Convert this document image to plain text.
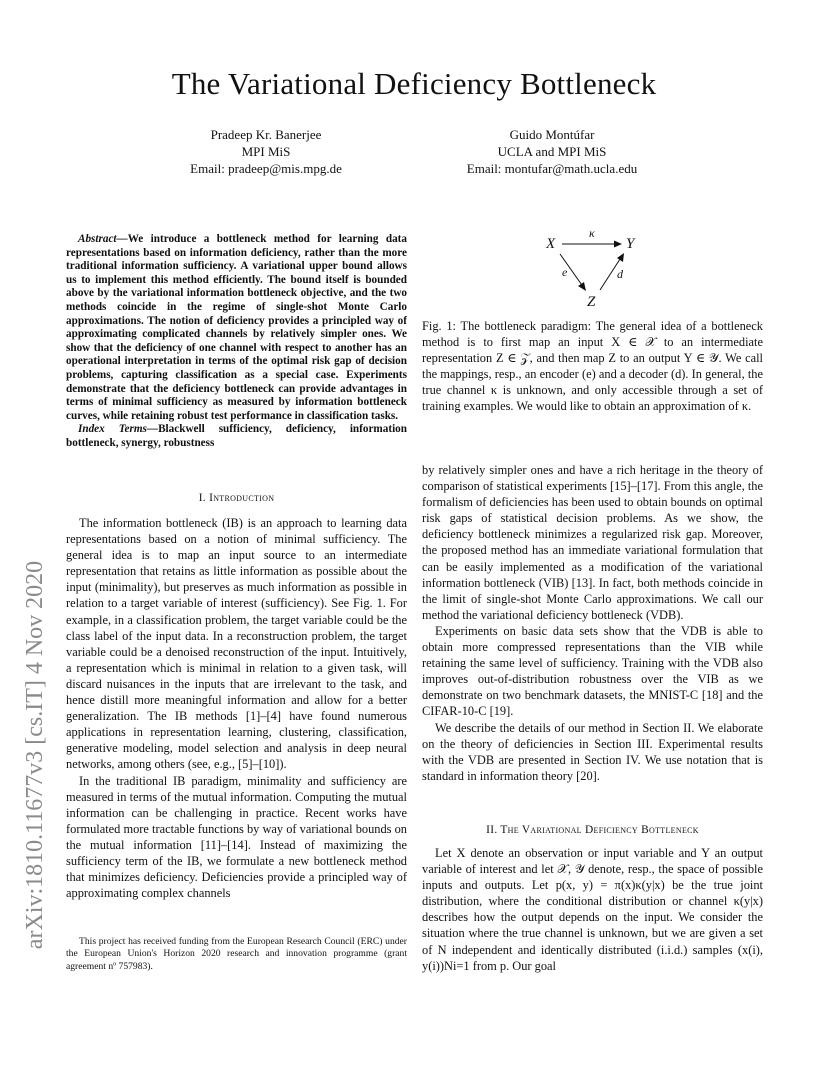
The Variational Deficiency Bottleneck
Pradeep Kr. Banerjee
MPI MiS
Email: pradeep@mis.mpg.de
Guido Montúfar
UCLA and MPI MiS
Email: montufar@math.ucla.edu
arXiv:1810.11677v3 [cs.IT] 4 Nov 2020

Abstract—We introduce a bottleneck method for learning data representations based on information deficiency, rather than the more traditional information sufficiency. A variational upper bound allows us to implement this method efficiently. The bound itself is bounded above by the variational information bottleneck objective, and the two methods coincide in the regime of single-shot Monte Carlo approximations. The notion of deficiency provides a principled way of approximating complicated channels by relatively simpler ones. We show that the deficiency of one channel with respect to another has an operational interpretation in terms of the optimal risk gap of decision problems, capturing classification as a special case. Experiments demonstrate that the deficiency bottleneck can provide advantages in terms of minimal sufficiency as measured by information bottleneck curves, while retaining robust test performance in classification tasks.

Index Terms—Blackwell sufficiency, deficiency, information bottleneck, synergy, robustness

I. Introduction

The information bottleneck (IB) is an approach to learning data representations based on a notion of minimal sufficiency. The general idea is to map an input source to an intermediate representation that retains as little information as possible about the input (minimality), but preserves as much information as possible in relation to a target variable of interest (sufficiency). See Fig. 1. For example, in a classification problem, the target variable could be the class label of the input data. In a reconstruction problem, the target variable could be a denoised reconstruction of the input. Intuitively, a representation which is minimal in relation to a given task, will discard nuisances in the inputs that are irrelevant to the task, and hence distill more meaningful information and allow for a better generalization. The IB methods [1]–[4] have found numerous applications in representation learning, clustering, classification, generative modeling, model selection and analysis in deep neural networks, among others (see, e.g., [5]–[10]).

In the traditional IB paradigm, minimality and sufficiency are measured in terms of the mutual information. Computing the mutual information can be challenging in practice. Recent works have formulated more tractable functions by way of variational bounds on the mutual information [11]–[14]. Instead of maximizing the sufficiency term of the IB, we formulate a new bottleneck method that minimizes deficiency. Deficiencies provide a principled way of approximating complex channels

This project has received funding from the European Research Council (ERC) under the European Union's Horizon 2020 research and innovation programme (grant agreement nº 757983).

X	Y
Z
κ
e	d

Fig. 1: The bottleneck paradigm: The general idea of a bottleneck method is to first map an input X ∈ 𝒳 to an intermediate representation Z ∈ 𝒵, and then map Z to an output Y ∈ 𝒴. We call the mappings, resp., an encoder (e) and a decoder (d). In general, the true channel κ is unknown, and only accessible through a set of training examples. We would like to obtain an approximation of κ.

by relatively simpler ones and have a rich heritage in the theory of comparison of statistical experiments [15]–[17]. From this angle, the formalism of deficiencies has been used to obtain bounds on optimal risk gaps of statistical decision problems. As we show, the deficiency bottleneck minimizes a regularized risk gap. Moreover, the proposed method has an immediate variational formulation that can be easily implemented as a modification of the variational information bottleneck (VIB) [13]. In fact, both methods coincide in the limit of single-shot Monte Carlo approximations. We call our method the variational deficiency bottleneck (VDB).

Experiments on basic data sets show that the VDB is able to obtain more compressed representations than the VIB while retaining the same level of sufficiency. Training with the VDB also improves out-of-distribution robustness over the VIB as we demonstrate on two benchmark datasets, the MNIST-C [18] and the CIFAR-10-C [19].

We describe the details of our method in Section II. We elaborate on the theory of deficiencies in Section III. Experimental results with the VDB are presented in Section IV. We use notation that is standard in information theory [20].

II. The Variational Deficiency Bottleneck

Let X denote an observation or input variable and Y an output variable of interest and let 𝒳, 𝒴 denote, resp., the space of possible inputs and outputs. Let p(x, y) = π(x)κ(y|x) be the true joint distribution, where the conditional distribution or channel κ(y|x) describes how the output depends on the input. We consider the situation where the true channel is unknown, but we are given a set of N independent and identically distributed (i.i.d.) samples (x(i), y(i))Ni=1 from p. Our goal
